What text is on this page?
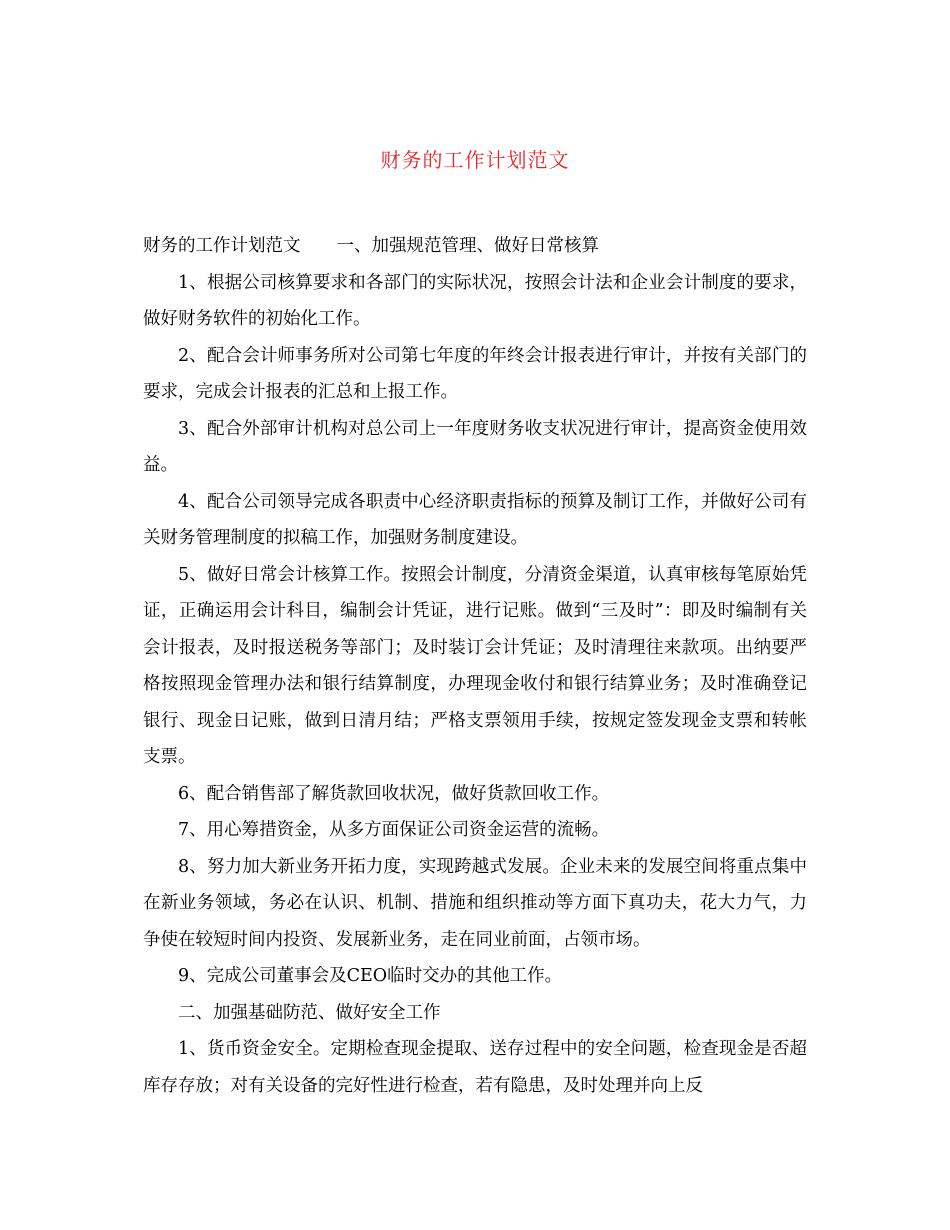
财务的工作计划范文

财务的工作计划范文 一、加强规范管理、做好日常核算

1、根据公司核算要求和各部门的实际状况，按照会计法和企业会计制度的要求，做好财务软件的初始化工作。

2、配合会计师事务所对公司第七年度的年终会计报表进行审计，并按有关部门的要求，完成会计报表的汇总和上报工作。

3、配合外部审计机构对总公司上一年度财务收支状况进行审计，提高资金使用效益。

4、配合公司领导完成各职责中心经济职责指标的预算及制订工作，并做好公司有关财务管理制度的拟稿工作，加强财务制度建设。

5、做好日常会计核算工作。按照会计制度，分清资金渠道，认真审核每笔原始凭证，正确运用会计科目，编制会计凭证，进行记账。做到“三及时”：即及时编制有关会计报表，及时报送税务等部门；及时装订会计凭证；及时清理往来款项。出纳要严格按照现金管理办法和银行结算制度，办理现金收付和银行结算业务；及时准确登记银行、现金日记账，做到日清月结；严格支票领用手续，按规定签发现金支票和转帐支票。

6、配合销售部了解货款回收状况，做好货款回收工作。

7、用心筹措资金，从多方面保证公司资金运营的流畅。

8、努力加大新业务开拓力度，实现跨越式发展。企业未来的发展空间将重点集中在新业务领域，务必在认识、机制、措施和组织推动等方面下真功夫，花大力气，力争使在较短时间内投资、发展新业务，走在同业前面，占领市场。

9、完成公司董事会及CEO临时交办的其他工作。

二、加强基础防范、做好安全工作

1、货币资金安全。定期检查现金提取、送存过程中的安全问题，检查现金是否超库存存放；对有关设备的完好性进行检查，若有隐患，及时处理并向上反
